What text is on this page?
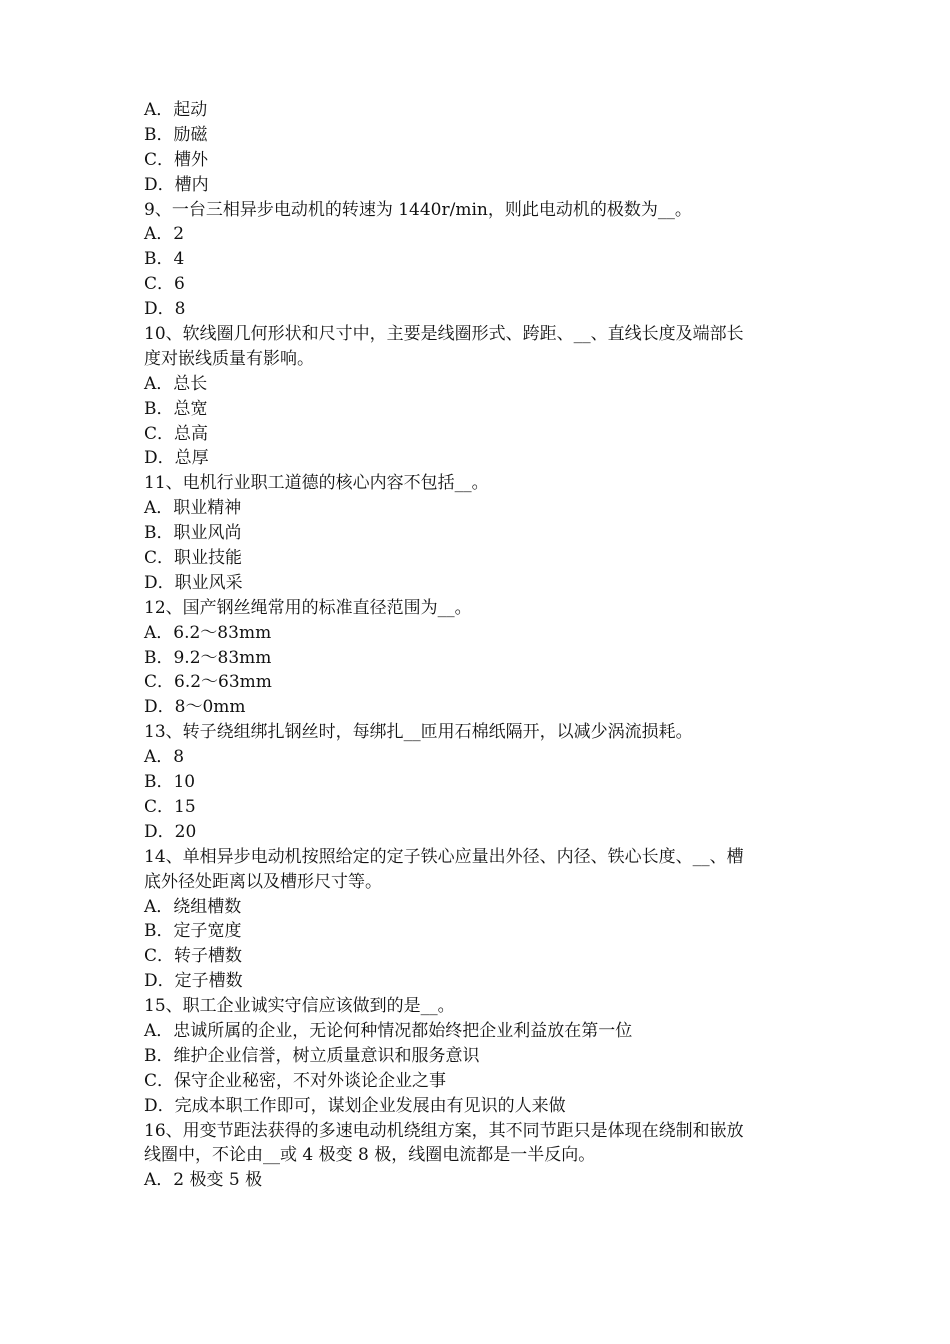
A．起动
B．励磁
C．槽外
D．槽内
9、一台三相异步电动机的转速为 1440r/min，则此电动机的极数为__。
A．2
B．4
C．6
D．8
10、软线圈几何形状和尺寸中，主要是线圈形式、跨距、__、直线长度及端部长
度对嵌线质量有影响。
A．总长
B．总宽
C．总高
D．总厚
11、电机行业职工道德的核心内容不包括__。
A．职业精神
B．职业风尚
C．职业技能
D．职业风采
12、国产钢丝绳常用的标准直径范围为__。
A．6.2～83mm
B．9.2～83mm
C．6.2～63mm
D．8～0mm
13、转子绕组绑扎钢丝时，每绑扎__匝用石棉纸隔开，以减少涡流损耗。
A．8
B．10
C．15
D．20
14、单相异步电动机按照给定的定子铁心应量出外径、内径、铁心长度、__、槽
底外径处距离以及槽形尺寸等。
A．绕组槽数
B．定子宽度
C．转子槽数
D．定子槽数
15、职工企业诚实守信应该做到的是__。
A．忠诚所属的企业，无论何种情况都始终把企业利益放在第一位
B．维护企业信誉，树立质量意识和服务意识
C．保守企业秘密，不对外谈论企业之事
D．完成本职工作即可，谋划企业发展由有见识的人来做
16、用变节距法获得的多速电动机绕组方案，其不同节距只是体现在绕制和嵌放
线圈中，不论由__或 4 极变 8 极，线圈电流都是一半反向。
A．2 极变 5 极
